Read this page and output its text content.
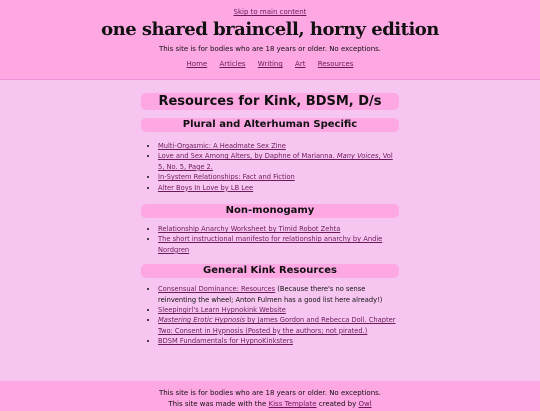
Skip to main content
one shared braincell, horny edition
This site is for bodies who are 18 years or older. No exceptions.
Home Articles Writing Art Resources
Resources for Kink, BDSM, D/s
Plural and Alterhuman Specific
• Multi-Orgasmic: A Headmate Sex Zine
• Love and Sex Among Alters, by Daphne of Marianna. Many Voices, Vol 5, No. 5, Page 2.
• In-System Relationships: Fact and Fiction
• Alter Boys In Love by LB Lee
Non-monogamy
• Relationship Anarchy Worksheet by Timid Robot Zehta
• The short instructional manifesto for relationship anarchy by Andie Nordgren
General Kink Resources
• Consensual Dominance: Resources (Because there's no sense reinventing the wheel; Anton Fulmen has a good list here already!)
• Sleepingirl's Learn Hypnokink Website
• Mastering Erotic Hypnosis by James Gordon and Rebecca Doll. Chapter Two: Consent in Hypnosis (Posted by the authors; not pirated.)
• BDSM Fundamentals for HypnoKinksters
This site is for bodies who are 18 years or older. No exceptions.
This site was made with the Kiss Template created by Owl
